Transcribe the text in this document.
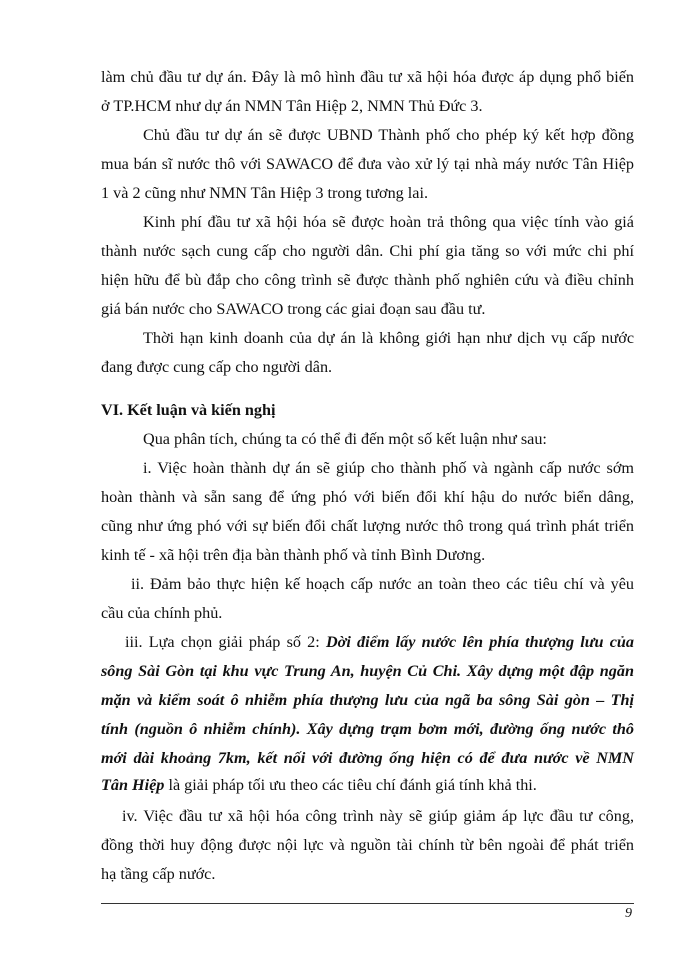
làm chủ đầu tư dự án. Đây là mô hình đầu tư xã hội hóa được áp dụng phổ biến
ở TP.HCM như dự án NMN Tân Hiệp 2, NMN Thủ Đức 3.
Chủ đầu tư dự án sẽ được UBND Thành phố cho phép ký kết hợp đồng
mua bán sĩ nước thô với SAWACO để đưa vào xử lý tại nhà máy nước Tân Hiệp
1 và 2 cũng như NMN Tân Hiệp 3 trong tương lai.
Kinh phí đầu tư xã hội hóa sẽ được hoàn trả thông qua việc tính vào giá
thành nước sạch cung cấp cho người dân. Chi phí gia tăng so với mức chi phí
hiện hữu để bù đắp cho công trình sẽ được thành phố nghiên cứu và điều chỉnh
giá bán nước cho SAWACO trong các giai đoạn sau đầu tư.
Thời hạn kinh doanh của dự án là không giới hạn như dịch vụ cấp nước
đang được cung cấp cho người dân.
VI. Kết luận và kiến nghị
Qua phân tích, chúng ta có thể đi đến một số kết luận như sau:
i. Việc hoàn thành dự án sẽ giúp cho thành phố và ngành cấp nước sớm
hoàn thành và sẵn sang để ứng phó với biến đổi khí hậu do nước biển dâng,
cũng như ứng phó với sự biến đổi chất lượng nước thô trong quá trình phát triển
kinh tế - xã hội trên địa bàn thành phố và tỉnh Bình Dương.
ii. Đảm bảo thực hiện kế hoạch cấp nước an toàn theo các tiêu chí và yêu
cầu của chính phủ.
iii. Lựa chọn giải pháp số 2: Dời điểm lấy nước lên phía thượng lưu của
sông Sài Gòn tại khu vực Trung An, huyện Củ Chi. Xây dựng một đập ngăn
mặn và kiểm soát ô nhiễm phía thượng lưu của ngã ba sông Sài gòn – Thị
tính (nguồn ô nhiễm chính). Xây dựng trạm bơm mới, đường ống nước thô
mới dài khoảng 7km, kết nối với đường ống hiện có để đưa nước về NMN
Tân Hiệp là giải pháp tối ưu theo các tiêu chí đánh giá tính khả thi.
iv. Việc đầu tư xã hội hóa công trình này sẽ giúp giảm áp lực đầu tư công,
đồng thời huy động được nội lực và nguồn tài chính từ bên ngoài để phát triển
hạ tầng cấp nước.
9
